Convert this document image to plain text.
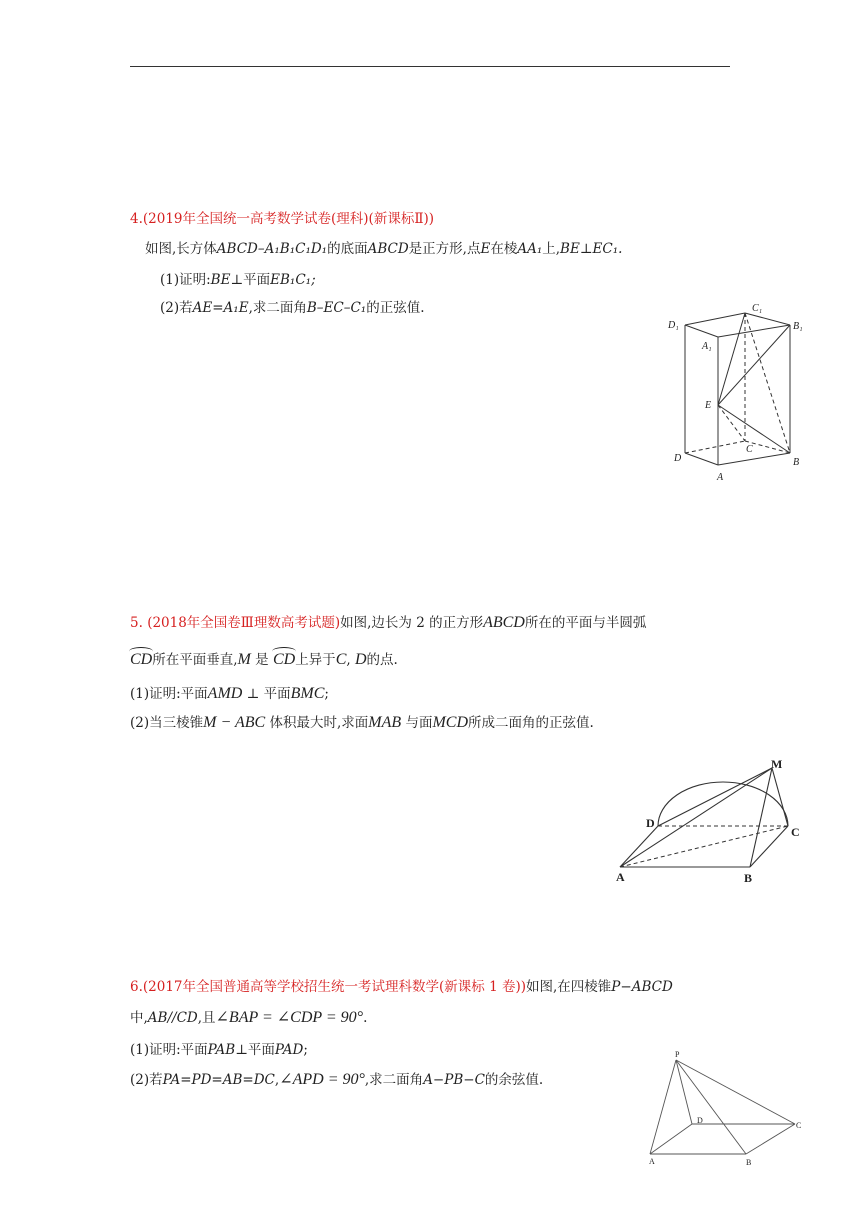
4.(2019年全国统一高考数学试卷(理科)(新课标Ⅱ))
如图,长方体ABCD–A₁B₁C₁D₁的底面ABCD是正方形,点E在棱AA₁上,BE⊥EC₁.
(1)证明:BE⊥平面EB₁C₁;
(2)若AE=A₁E,求二面角B–EC–C₁的正弦值.	C₁
D₁	B₁
A₁
E
C
D	B
A
5. (2018年全国卷Ⅲ理数高考试题)如图,边长为 2 的正方形ABCD所在的平面与半圆弧
CD所在平面垂直,M 是 CD上异于C, D的点.
(1)证明:平面AMD ⊥ 平面BMC;
(2)当三棱锥M − ABC 体积最大时,求面MAB 与面MCD所成二面角的正弦值.
M
D
C
A	B
6.(2017年全国普通高等学校招生统一考试理科数学(新课标 1 卷))如图,在四棱锥P−ABCD
中,AB//CD,且∠BAP = ∠CDP = 90°.
(1)证明:平面PAB⊥平面PAD;
(2)若PA=PD=AB=DC,∠APD = 90°,求二面角A−PB−C的余弦值.
P
D
C
A	B
